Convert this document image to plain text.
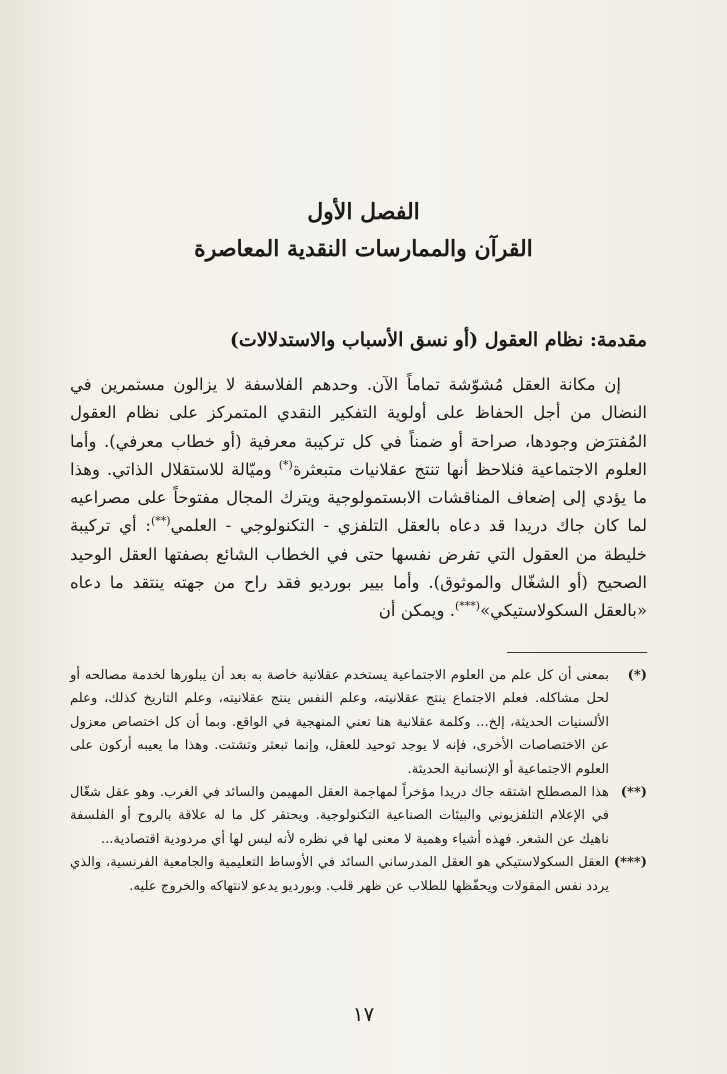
الفصل الأول
القرآن والممارسات النقدية المعاصرة
مقدمة: نظام العقول (أو نسق الأسباب والاستدلالات)

إن مكانة العقل مُشوّشة تماماً الآن. وحدهم الفلاسفة لا يزالون مستمرين في النضال من أجل الحفاظ على أولوية التفكير النقدي المتمركز على نظام العقول المُفترَض وجودها، صراحة أو ضمناً في كل تركيبة معرفية (أو خطاب معرفي). وأما العلوم الاجتماعية فنلاحظ أنها تنتج عقلانيات متبعثرة(*) وميّالة للاستقلال الذاتي. وهذا ما يؤدي إلى إضعاف المناقشات الابستمولوجية ويترك المجال مفتوحاً على مصراعيه لما كان جاك دريدا قد دعاه بالعقل التلفزي - التكنولوجي - العلمي(**): أي تركيبة خليطة من العقول التي تفرض نفسها حتى في الخطاب الشائع بصفتها العقل الوحيد الصحيح (أو الشغّال والموثوق). وأما بيير بورديو فقد راح من جهته ينتقد ما دعاه «بالعقل السكولاستيكي»(***). ويمكن أن

(*)
بمعنى أن كل علم من العلوم الاجتماعية يستخدم عقلانية خاصة به بعد أن يبلورها لخدمة مصالحه أو لحل مشاكله. فعلم الاجتماع ينتج عقلانيته، وعلم النفس ينتج عقلانيته، وعلم التاريخ كذلك، وعلم الألسنيات الحديثة، إلخ... وكلمة عقلانية هنا تعني المنهجية في الواقع. وبما أن كل اختصاص معزول عن الاختصاصات الأخرى، فإنه لا يوجد توحيد للعقل، وإنما تبعثر وتشتت. وهذا ما يعيبه أركون على العلوم الاجتماعية أو الإنسانية الحديثة.
(**)
هذا المصطلح اشتقه جاك دريدا مؤخراً لمهاجمة العقل المهيمن والسائد في الغرب. وهو عقل شغّال في الإعلام التلفزيوني والبيئات الصناعية التكنولوجية. ويحتقر كل ما له علاقة بالروح أو الفلسفة ناهيك عن الشعر. فهذه أشياء وهمية لا معنى لها في نظره لأنه ليس لها أي مردودية اقتصادية...
(***)
العقل السكولاستيكي هو العقل المدرساني السائد في الأوساط التعليمية والجامعية الفرنسية، والذي يردد نفس المقولات ويحفّظها للطلاب عن ظهر قلب. وبورديو يدعو لانتهاكه والخروج عليه.
١٧
